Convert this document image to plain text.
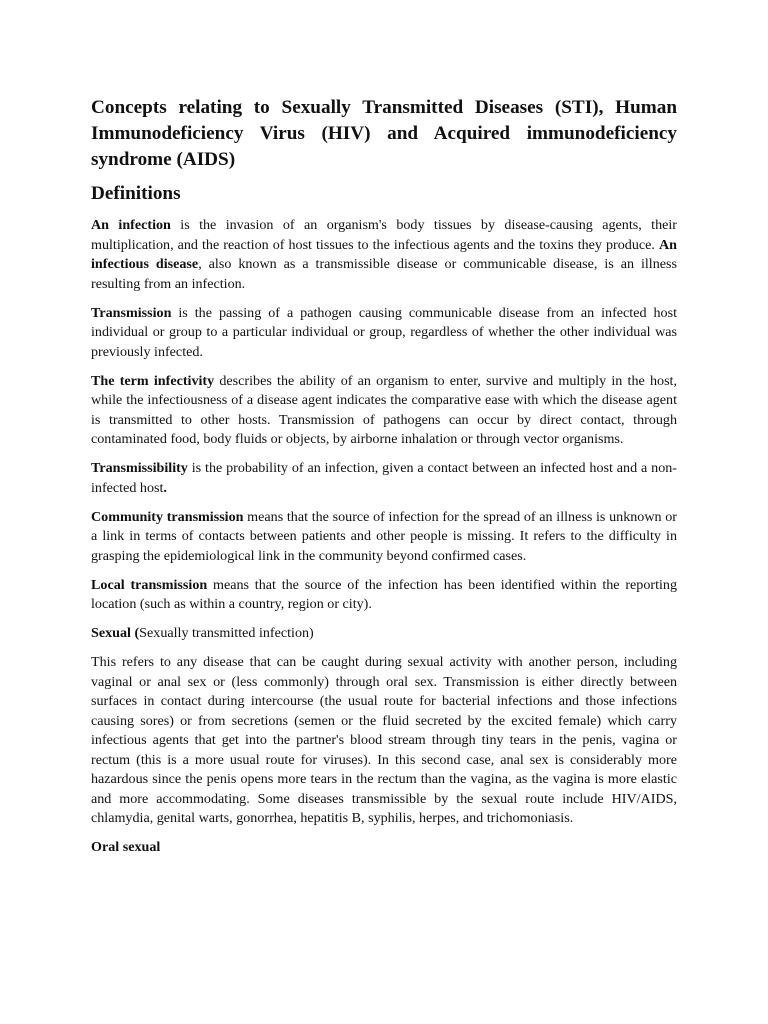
Concepts relating to Sexually Transmitted Diseases (STI), Human Immunodeficiency Virus (HIV) and Acquired immunodeficiency syndrome (AIDS)
Definitions

An infection is the invasion of an organism's body tissues by disease-causing agents, their multiplication, and the reaction of host tissues to the infectious agents and the toxins they produce. An infectious disease, also known as a transmissible disease or communicable disease, is an illness resulting from an infection.

Transmission is the passing of a pathogen causing communicable disease from an infected host individual or group to a particular individual or group, regardless of whether the other individual was previously infected.

The term infectivity describes the ability of an organism to enter, survive and multiply in the host, while the infectiousness of a disease agent indicates the comparative ease with which the disease agent is transmitted to other hosts. Transmission of pathogens can occur by direct contact, through contaminated food, body fluids or objects, by airborne inhalation or through vector organisms.

Transmissibility is the probability of an infection, given a contact between an infected host and a non-infected host.

Community transmission means that the source of infection for the spread of an illness is unknown or a link in terms of contacts between patients and other people is missing. It refers to the difficulty in grasping the epidemiological link in the community beyond confirmed cases.

Local transmission means that the source of the infection has been identified within the reporting location (such as within a country, region or city).

Sexual (Sexually transmitted infection)

This refers to any disease that can be caught during sexual activity with another person, including vaginal or anal sex or (less commonly) through oral sex. Transmission is either directly between surfaces in contact during intercourse (the usual route for bacterial infections and those infections causing sores) or from secretions (semen or the fluid secreted by the excited female) which carry infectious agents that get into the partner's blood stream through tiny tears in the penis, vagina or rectum (this is a more usual route for viruses). In this second case, anal sex is considerably more hazardous since the penis opens more tears in the rectum than the vagina, as the vagina is more elastic and more accommodating. Some diseases transmissible by the sexual route include HIV/AIDS, chlamydia, genital warts, gonorrhea, hepatitis B, syphilis, herpes, and trichomoniasis.

Oral sexual
